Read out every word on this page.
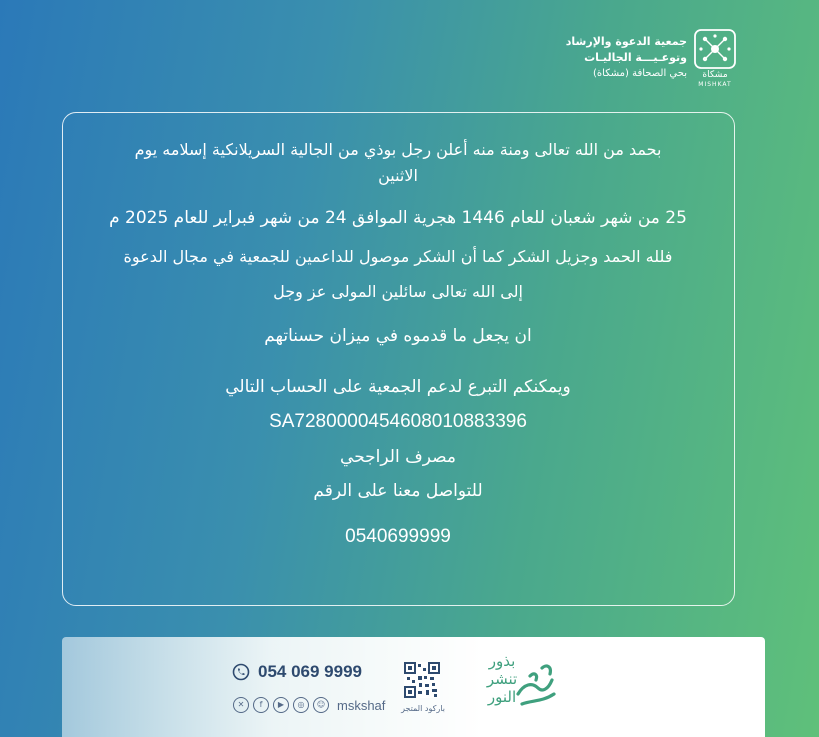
مشكاة
MISHKAT
جمعية الدعوة والإرشاد
وتوعـيـــة الجاليـات
بحي الصحافة (مشكاة)
بحمد من الله تعالى ومنة منه أعلن رجل بوذي من الجالية السريلانكية إسلامه يوم
الاثنين
25 من شهر شعبان للعام 1446 هجرية الموافق 24 من شهر فبراير للعام 2025 م
فلله الحمد وجزيل الشكر كما أن الشكر موصول للداعمين للجمعية في مجال الدعوة
إلى الله تعالى سائلين المولى عز وجل
ان يجعل ما قدموه في ميزان حسناتهم
ويمكنكم التبرع لدعم الجمعية على الحساب التالي
SA7280000454608010883396
مصرف الراجحي
للتواصل معنا على الرقم
0540699999
054 069 9999
✕	f	▶	◎	☺ mskshaf	باركود المتجر
بذور
تنشر
النور
